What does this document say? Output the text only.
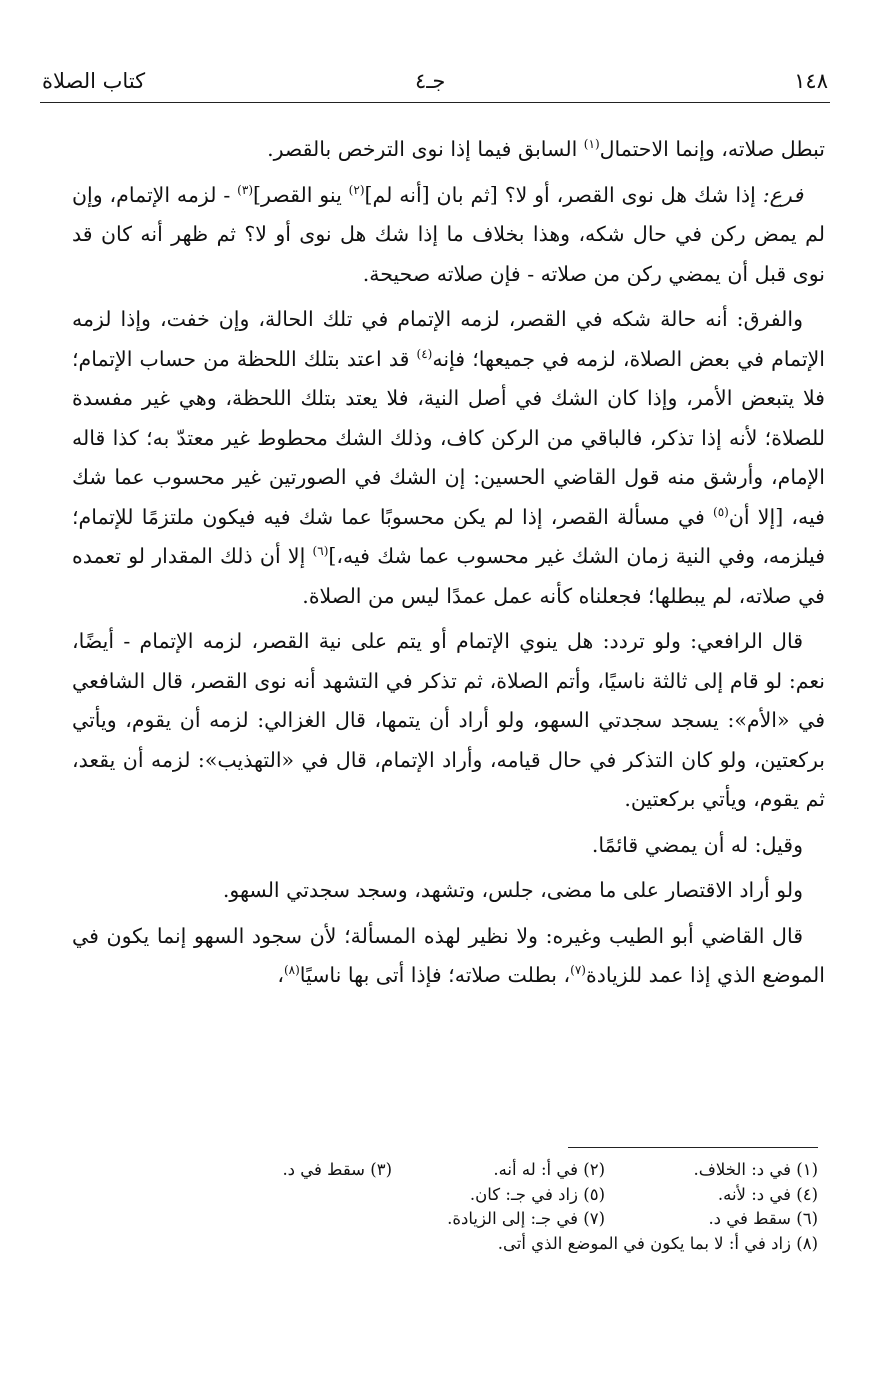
١٤٨
جـ٤
كتاب الصلاة

تبطل صلاته، وإنما الاحتمال$^{(١)}$ السابق فيما إذا نوى الترخص بالقصر.

فرع: إذا شك هل نوى القصر، أو لا؟ [ثم بان [أنه لم]$^{(٢)}$ ينو القصر]$^{(٣)}$ - لزمه الإتمام، وإن لم يمض ركن في حال شكه، وهذا بخلاف ما إذا شك هل نوى أو لا؟ ثم ظهر أنه كان قد نوى قبل أن يمضي ركن من صلاته - فإن صلاته صحيحة.

والفرق: أنه حالة شكه في القصر، لزمه الإتمام في تلك الحالة، وإن خفت، وإذا لزمه الإتمام في بعض الصلاة، لزمه في جميعها؛ فإنه$^{(٤)}$ قد اعتد بتلك اللحظة من حساب الإتمام؛ فلا يتبعض الأمر، وإذا كان الشك في أصل النية، فلا يعتد بتلك اللحظة، وهي غير مفسدة للصلاة؛ لأنه إذا تذكر، فالباقي من الركن كاف، وذلك الشك محطوط غير معتدّ به؛ كذا قاله الإمام، وأرشق منه قول القاضي الحسين: إن الشك في الصورتين غير محسوب عما شك فيه، [إلا أن$^{(٥)}$ في مسألة القصر، إذا لم يكن محسوبًا عما شك فيه فيكون ملتزمًا للإتمام؛ فيلزمه، وفي النية زمان الشك غير محسوب عما شك فيه،]$^{(٦)}$ إلا أن ذلك المقدار لو تعمده في صلاته، لم يبطلها؛ فجعلناه كأنه عمل عمدًا ليس من الصلاة.

قال الرافعي: ولو تردد: هل ينوي الإتمام أو يتم على نية القصر، لزمه الإتمام - أيضًا، نعم: لو قام إلى ثالثة ناسيًا، وأتم الصلاة، ثم تذكر في التشهد أنه نوى القصر، قال الشافعي في «الأم»: يسجد سجدتي السهو، ولو أراد أن يتمها، قال الغزالي: لزمه أن يقوم، ويأتي بركعتين، ولو كان التذكر في حال قيامه، وأراد الإتمام، قال في «التهذيب»: لزمه أن يقعد، ثم يقوم، ويأتي بركعتين.

وقيل: له أن يمضي قائمًا.

ولو أراد الاقتصار على ما مضى، جلس، وتشهد، وسجد سجدتي السهو.

قال القاضي أبو الطيب وغيره: ولا نظير لهذه المسألة؛ لأن سجود السهو إنما يكون في الموضع الذي إذا عمد للزيادة$^{(٧)}$، بطلت صلاته؛ فإذا أتى بها ناسيًا$^{(٨)}$،

(١) في د: الخلاف.
(٢) في أ: له أنه.
(٣) سقط في د.
(٤) في د: لأنه.
(٥) زاد في جـ: كان.
(٦) سقط في د.
(٧) في جـ: إلى الزيادة.
(٨) زاد في أ: لا بما يكون في الموضع الذي أتى.
